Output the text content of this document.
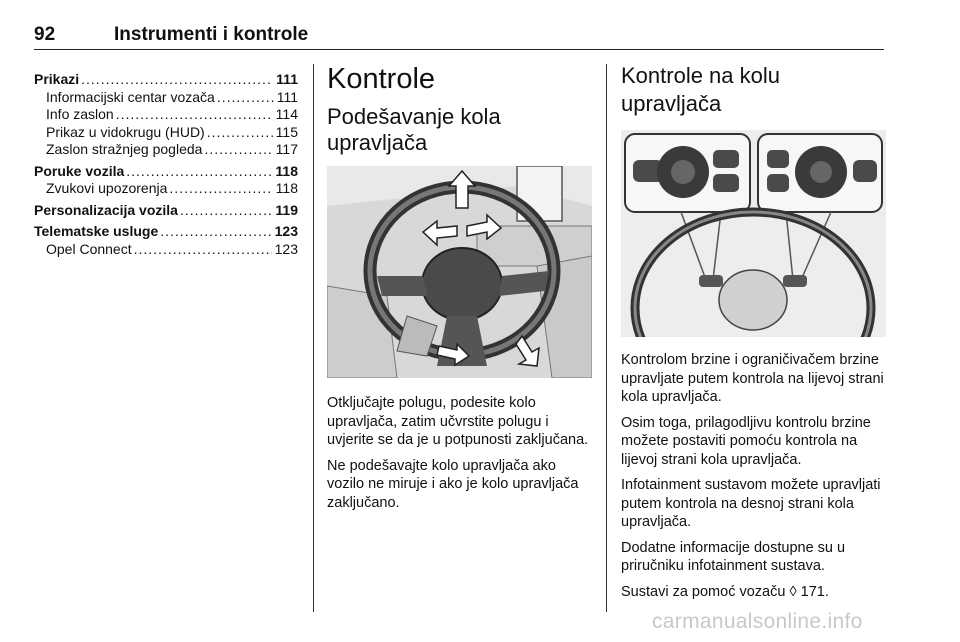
92	Instrumenti i kontrole
Prikazi .....	111
Informacijski centar vozača .....	111
Info zaslon .....	114
Prikaz u vidokrugu (HUD) .....	115
Zaslon stražnjeg pogleda .....	117
Poruke vozila .....	118
Zvukovi upozorenja .....	118
Personalizacija vozila .....	119
Telematske usluge .....	123
Opel Connect .....	123
Kontrole
Podešavanje kola
upravljača

Otključajte polugu, podesite kolo upravljača, zatim učvrstite polugu i uvjerite se da je u potpunosti zaključana.

Ne podešavajte kolo upravljača ako vozilo ne miruje i ako je kolo upravljača zaključano.

Kontrole na kolu upravljača

Kontrolom brzine i ograničivačem brzine upravljate putem kontrola na lijevoj strani kola upravljača.

Osim toga, prilagodljivu kontrolu brzine možete postaviti pomoću kontrola na lijevoj strani kola upravljača.

Infotainment sustavom možete upravljati putem kontrola na desnoj strani kola upravljača.

Dodatne informacije dostupne su u priručniku infotainment sustava.

Sustavi za pomoć vozaču ◊ 171.

carmanualsonline.info
